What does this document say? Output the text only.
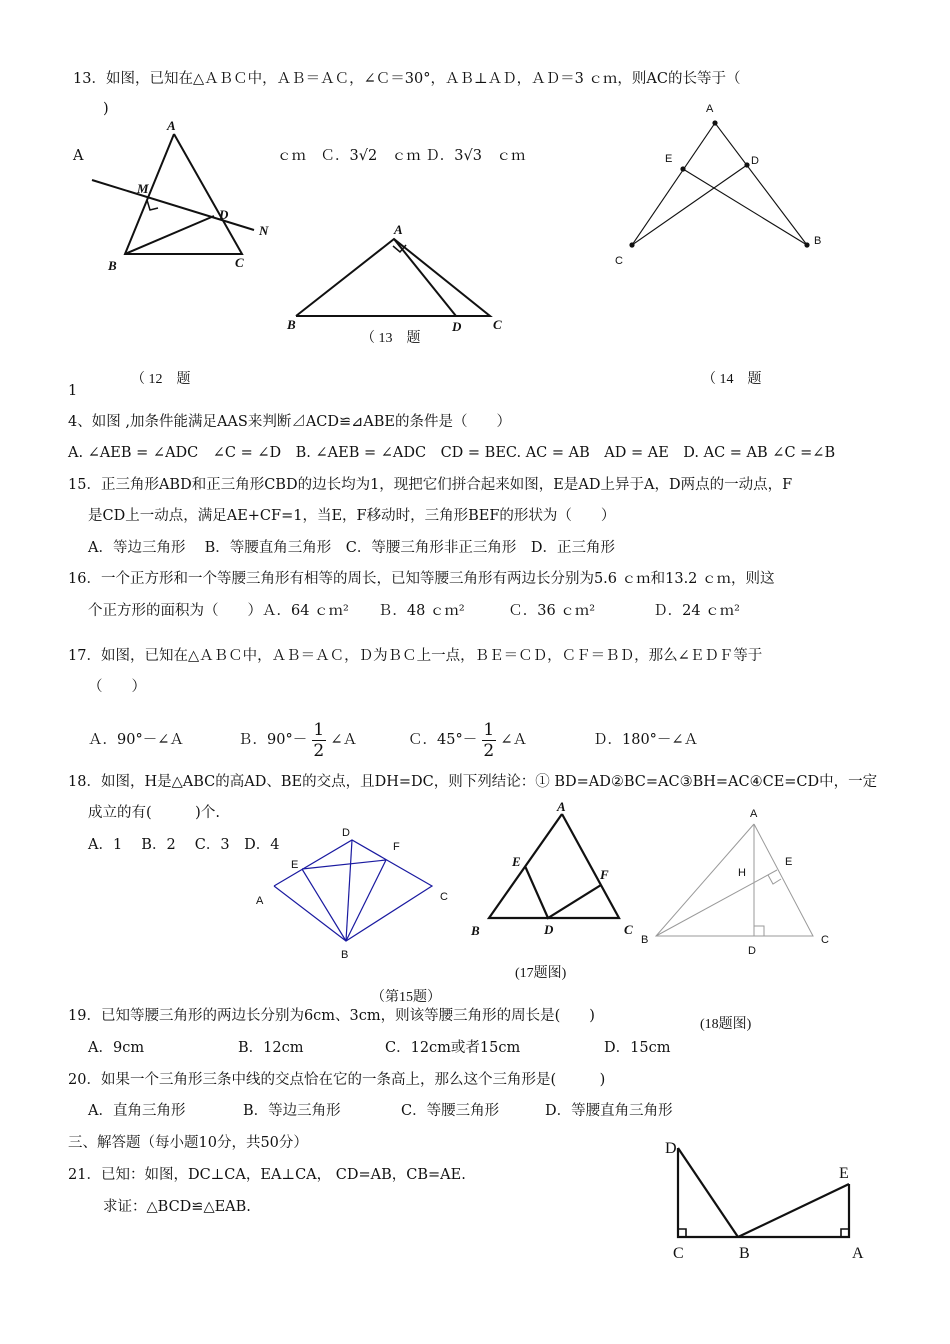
13．如图，已知在△ＡＢＣ中，ＡＢ＝ＡＣ，∠Ｃ＝30°，ＡＢ⊥ＡＤ，ＡＤ＝3 ｃｍ，则AC的长等于（
)
A	ｃｍ　Ｃ．3√2　ｃｍ Ｄ．3√3　ｃｍ
A
M
D
N
B	C
A
B	D C
（ 13　题
A
E	D
C
B
1
（ 12　题	（ 14　题
4、如图 ,加条件能满足AAS来判断⊿ACD≌⊿ABE的条件是（　　）
A. ∠AEB = ∠ADC　∠C = ∠D　B. ∠AEB = ∠ADC　CD = BEC. AC = AB　AD = AE　D. AC = AB ∠C =∠B
15．正三角形ABD和正三角形CBD的边长均为1，现把它们拼合起来如图，E是AD上异于A，D两点的一动点，F
是CD上一动点，满足AE+CF=1，当E，F移动时，三角形BEF的形状为（　　）
A．等边三角形　 B．等腰直角三角形　C．等腰三角形非正三角形　D．正三角形
16．一个正方形和一个等腰三角形有相等的周长，已知等腰三角形有两边长分别为5.6 ｃｍ和13.2 ｃｍ，则这
个正方形的面积为（　　）Ａ．64 ｃｍ²　　Ｂ．48 ｃｍ²　　　Ｃ．36 ｃｍ²　　　　Ｄ．24 ｃｍ²
17．如图，已知在△ＡＢＣ中，ＡＢ＝ＡＣ，Ｄ为ＢＣ上一点，ＢＥ＝ＣＤ，ＣＦ＝ＢＤ，那么∠ＥＤＦ等于
（　　）
Ａ．90°－∠Ａ	Ｂ．$90^\circ- \frac{1}{2}$ ∠Ａ	Ｃ．$45^\circ- \frac{1}{2}$ ∠Ａ	Ｄ．180°－∠Ａ
18．如图，H是△ABC的高AD、BE的交点，且DH=DC，则下列结论：① BD=AD②BC=AC③BH=AC④CE=CD中，一定
成立的有(　　　)个.
A．1　 B．2　 C．3　D．4
D
E
F
A	C
B
（第15题）
A
E
F
B	D	C
(17题图)
A
E
H
B
D
C
(18题图)
19．已知等腰三角形的两边长分别为6cm、3cm，则该等腰三角形的周长是(　　)
A．9cm	B．12cm	C．12cm或者15cm	D．15cm
20．如果一个三角形三条中线的交点恰在它的一条高上，那么这个三角形是(　　　)
A．直角三角形	B．等边三角形	C．等腰三角形	D．等腰直角三角形
三、解答题（每小题10分，共50分）
21．已知：如图，DC⊥CA，EA⊥CA， CD=AB，CB=AE.
求证：△BCD≌△EAB.
D
E
C	B	A
